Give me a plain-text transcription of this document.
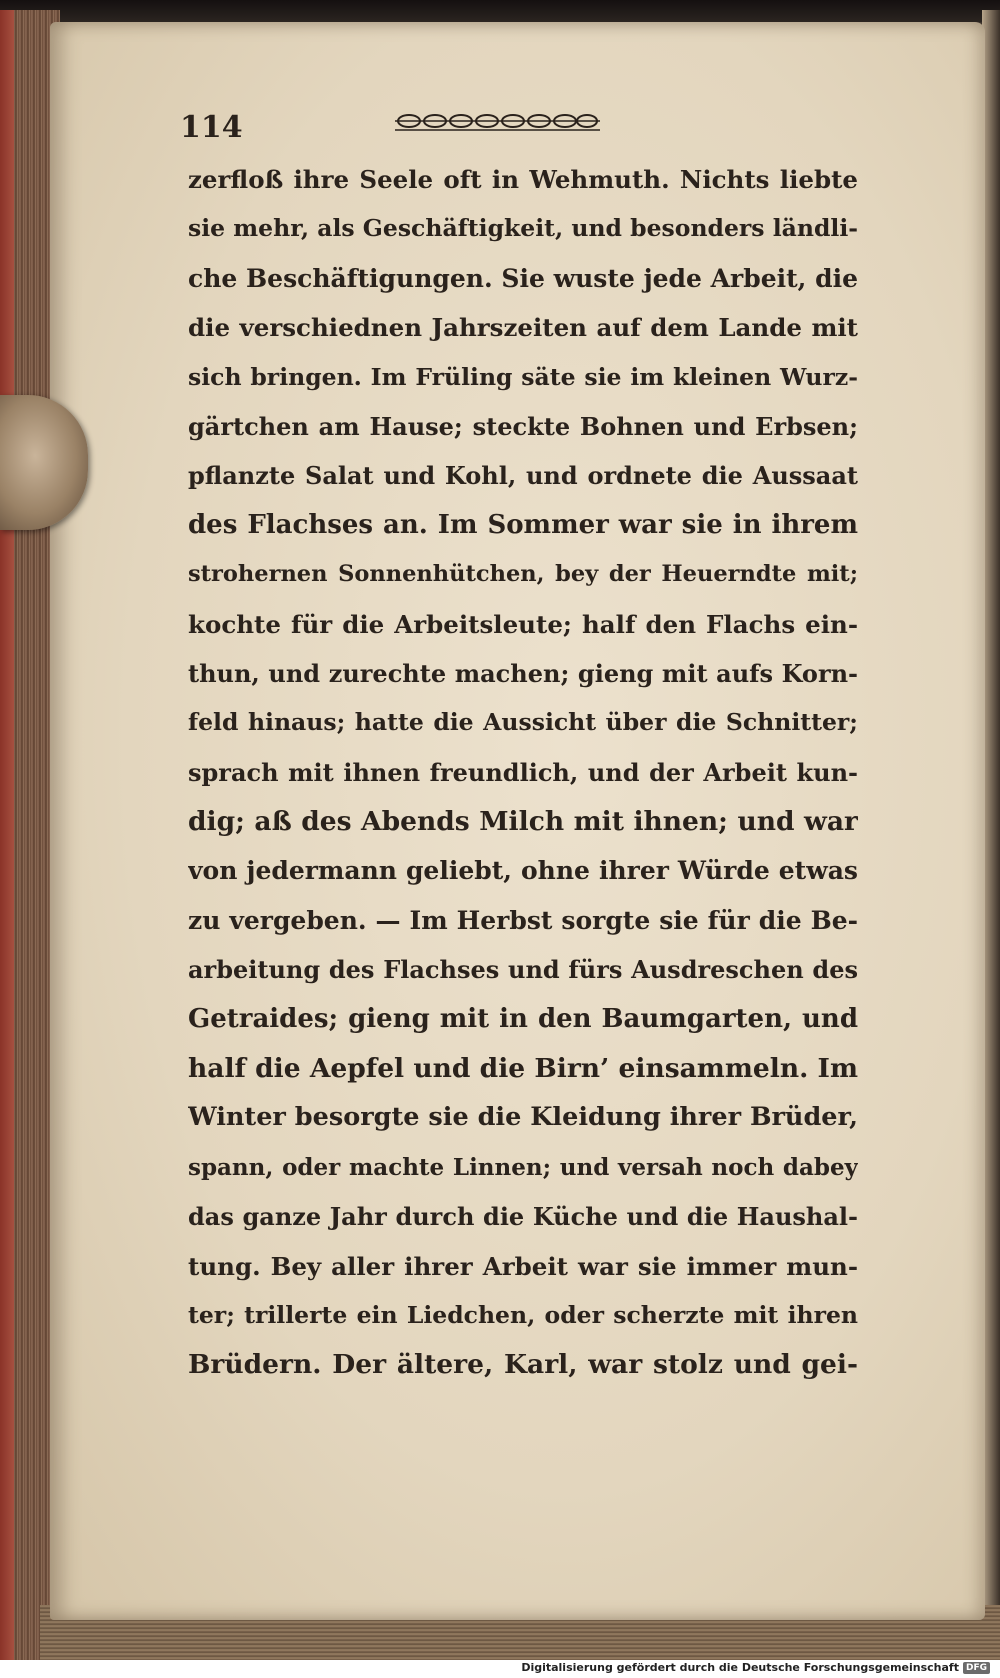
114
zerfloß ihre Seele oft in Wehmuth. Nichts liebte
sie mehr, als Geschäftigkeit, und besonders ländli-
che Beschäftigungen. Sie wuste jede Arbeit, die
die verschiednen Jahrszeiten auf dem Lande mit
sich bringen. Im Früling säte sie im kleinen Wurz-
gärtchen am Hause; steckte Bohnen und Erbsen;
pflanzte Salat und Kohl, und ordnete die Aussaat
des Flachses an. Im Sommer war sie in ihrem
strohernen Sonnenhütchen, bey der Heuerndte mit;
kochte für die Arbeitsleute; half den Flachs ein-
thun, und zurechte machen; gieng mit aufs Korn-
feld hinaus; hatte die Aussicht über die Schnitter;
sprach mit ihnen freundlich, und der Arbeit kun-
dig; aß des Abends Milch mit ihnen; und war
von jedermann geliebt, ohne ihrer Würde etwas
zu vergeben. — Im Herbst sorgte sie für die Be-
arbeitung des Flachses und fürs Ausdreschen des
Getraides; gieng mit in den Baumgarten, und
half die Aepfel und die Birn’ einsammeln. Im
Winter besorgte sie die Kleidung ihrer Brüder,
spann, oder machte Linnen; und versah noch dabey
das ganze Jahr durch die Küche und die Haushal-
tung. Bey aller ihrer Arbeit war sie immer mun-
ter; trillerte ein Liedchen, oder scherzte mit ihren
Brüdern. Der ältere, Karl, war stolz und gei-
Digitalisierung gefördert durch die Deutsche Forschungsgemeinschaft DFG
